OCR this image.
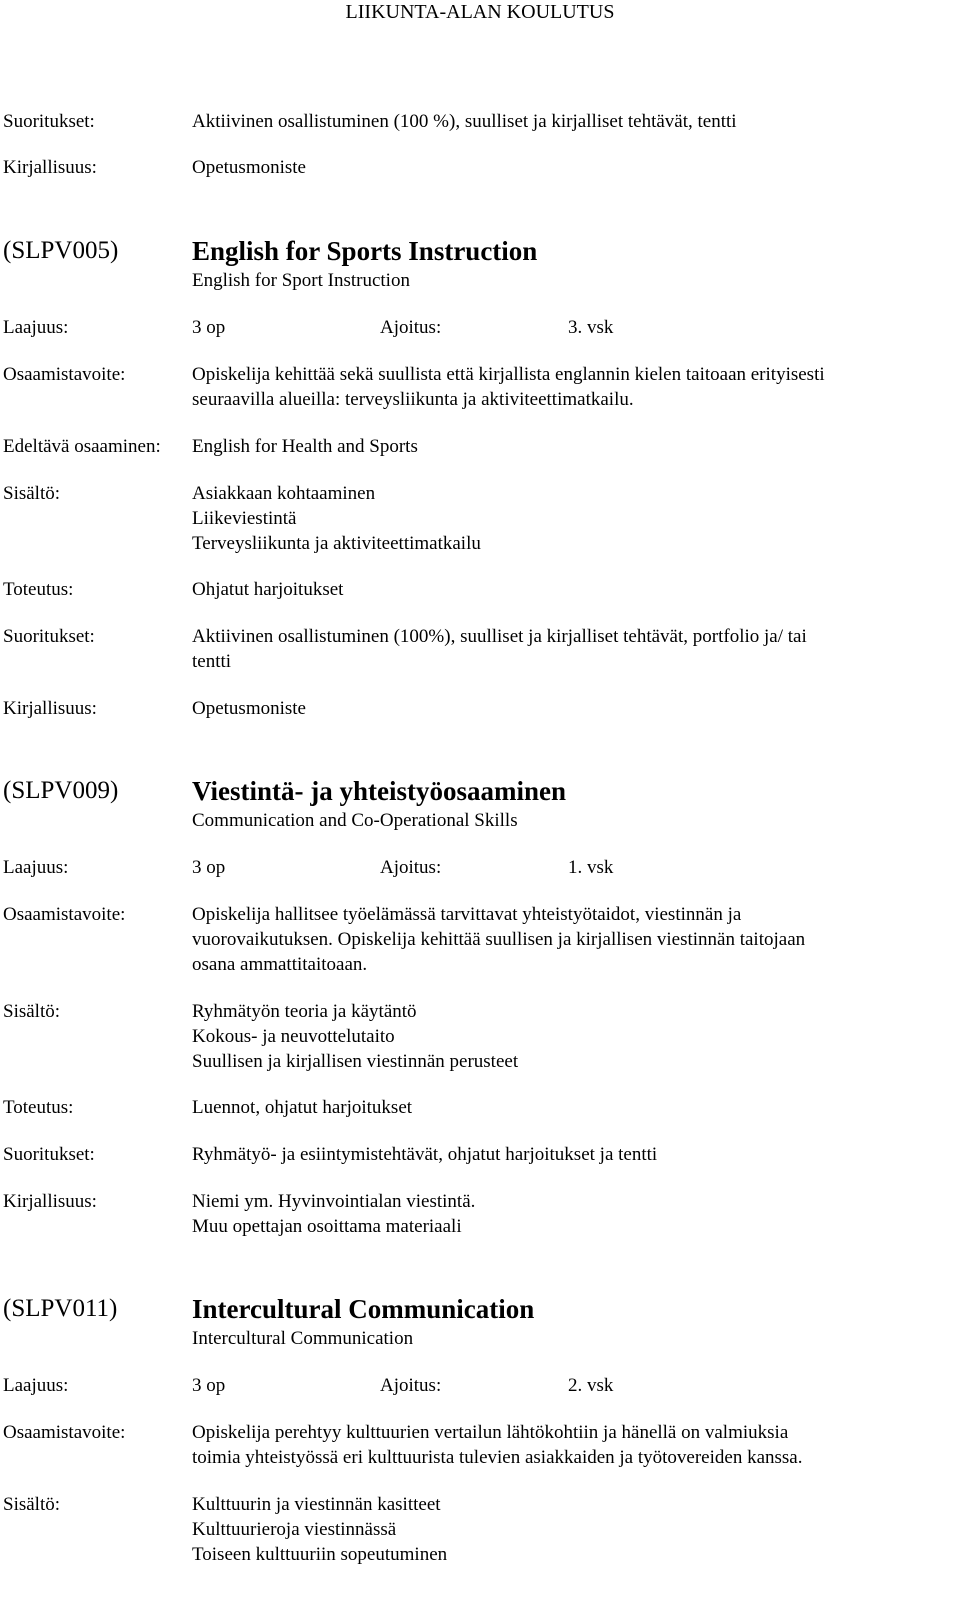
LIIKUNTA-ALAN KOULUTUS
Suoritukset:	Aktiivinen osallistuminen (100 %), suulliset ja kirjalliset tehtävät, tentti
Kirjallisuus:	Opetusmoniste
(SLPV005)	English for Sports Instruction
English for Sport Instruction
Laajuus:	3 op	Ajoitus:	3. vsk
Osaamistavoite:	Opiskelija kehittää sekä suullista että kirjallista englannin kielen taitoaan erityisesti
seuraavilla alueilla: terveysliikunta ja aktiviteettimatkailu.
Edeltävä osaaminen: English for Health and Sports
Sisältö:	Asiakkaan kohtaaminen
Liikeviestintä
Terveysliikunta ja aktiviteettimatkailu
Toteutus:	Ohjatut harjoitukset
Suoritukset:	Aktiivinen osallistuminen (100%), suulliset ja kirjalliset tehtävät, portfolio ja/ tai
tentti
Kirjallisuus:	Opetusmoniste
(SLPV009)	Viestintä- ja yhteistyöosaaminen
Communication and Co-Operational Skills
Laajuus:	3 op	Ajoitus:	1. vsk
Osaamistavoite:	Opiskelija hallitsee työelämässä tarvittavat yhteistyötaidot, viestinnän ja
vuorovaikutuksen. Opiskelija kehittää suullisen ja kirjallisen viestinnän taitojaan
osana ammattitaitoaan.
Sisältö:	Ryhmätyön teoria ja käytäntö
Kokous- ja neuvottelutaito
Suullisen ja kirjallisen viestinnän perusteet
Toteutus:	Luennot, ohjatut harjoitukset
Suoritukset:	Ryhmätyö- ja esiintymistehtävät, ohjatut harjoitukset ja tentti
Kirjallisuus:	Niemi ym. Hyvinvointialan viestintä.
Muu opettajan osoittama materiaali
(SLPV011)	Intercultural Communication
Intercultural Communication
Laajuus:	3 op	Ajoitus:	2. vsk
Osaamistavoite:	Opiskelija perehtyy kulttuurien vertailun lähtökohtiin ja hänellä on valmiuksia
toimia yhteistyössä eri kulttuurista tulevien asiakkaiden ja työtovereiden kanssa.
Sisältö:	Kulttuurin ja viestinnän kasitteet
Kulttuurieroja viestinnässä
Toiseen kulttuuriin sopeutuminen
